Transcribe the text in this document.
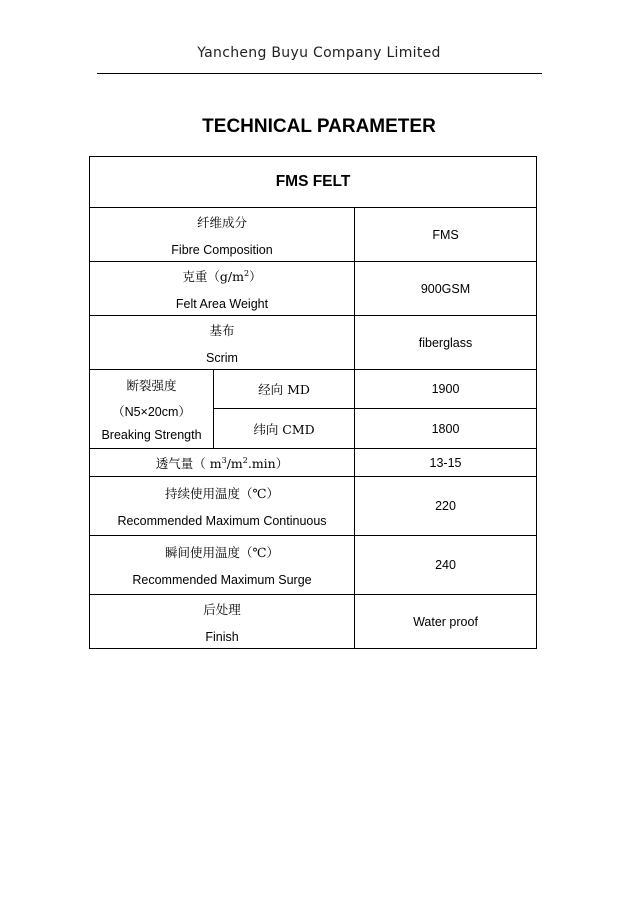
Yancheng Buyu Company Limited
TECHNICAL PARAMETER
FMS FELT		

纤维成分
Fibre Composition		FMS

克重$(g/m^2)$
Felt Area Weight		900GSM

基布
Scrim		fiberglass

断裂强度
（N5×20cm）
Breaking Strength	经向 MD	1900
	纬向 CMD	1800
透气量（ $m^3/m^2.\min$）		13-15

持续使用温度（℃）
Recommended Maximum Continuous		220

瞬间使用温度（℃）
Recommended Maximum Surge		240

后处理
Finish		Water proof
